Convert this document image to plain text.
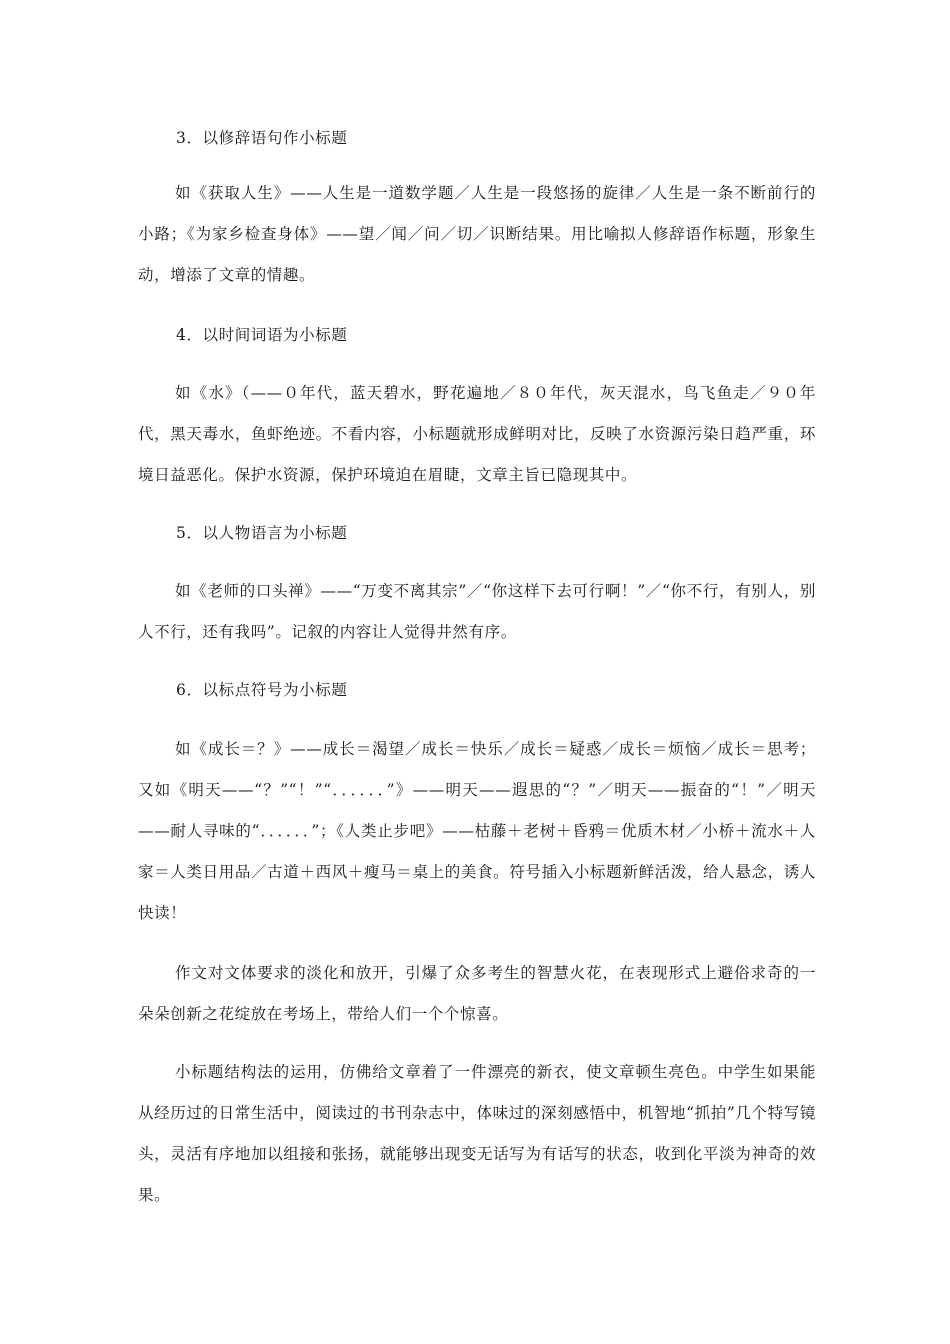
3．以修辞语句作小标题

如《获取人生》——人生是一道数学题／人生是一段悠扬的旋律／人生是一条不断前行的小路；《为家乡检查身体》——望／闻／问／切／识断结果。用比喻拟人修辞语作标题，形象生动，增添了文章的情趣。

4．以时间词语为小标题

如《水》（——０年代，蓝天碧水，野花遍地／８０年代，灰天混水，鸟飞鱼走／９０年代，黑天毒水，鱼虾绝迹。不看内容，小标题就形成鲜明对比，反映了水资源污染日趋严重，环境日益恶化。保护水资源，保护环境迫在眉睫，文章主旨已隐现其中。

5．以人物语言为小标题

如《老师的口头禅》——“万变不离其宗”／“你这样下去可行啊！”／“你不行，有别人，别人不行，还有我吗”。记叙的内容让人觉得井然有序。

6．以标点符号为小标题

如《成长＝？》——成长＝渴望／成长＝快乐／成长＝疑惑／成长＝烦恼／成长＝思考；又如《明天——“？”“！”“．．．．．．”》——明天——遐思的“？”／明天——振奋的“！”／明天——耐人寻味的“．．．．．．”；《人类止步吧》——枯藤＋老树＋昏鸦＝优质木材／小桥＋流水＋人家＝人类日用品／古道＋西风＋瘦马＝桌上的美食。符号插入小标题新鲜活泼，给人悬念，诱人快读！

作文对文体要求的淡化和放开，引爆了众多考生的智慧火花，在表现形式上避俗求奇的一朵朵创新之花绽放在考场上，带给人们一个个惊喜。

小标题结构法的运用，仿佛给文章着了一件漂亮的新衣，使文章顿生亮色。中学生如果能从经历过的日常生活中，阅读过的书刊杂志中，体味过的深刻感悟中，机智地“抓拍”几个特写镜头，灵活有序地加以组接和张扬，就能够出现变无话写为有话写的状态，收到化平淡为神奇的效果。
